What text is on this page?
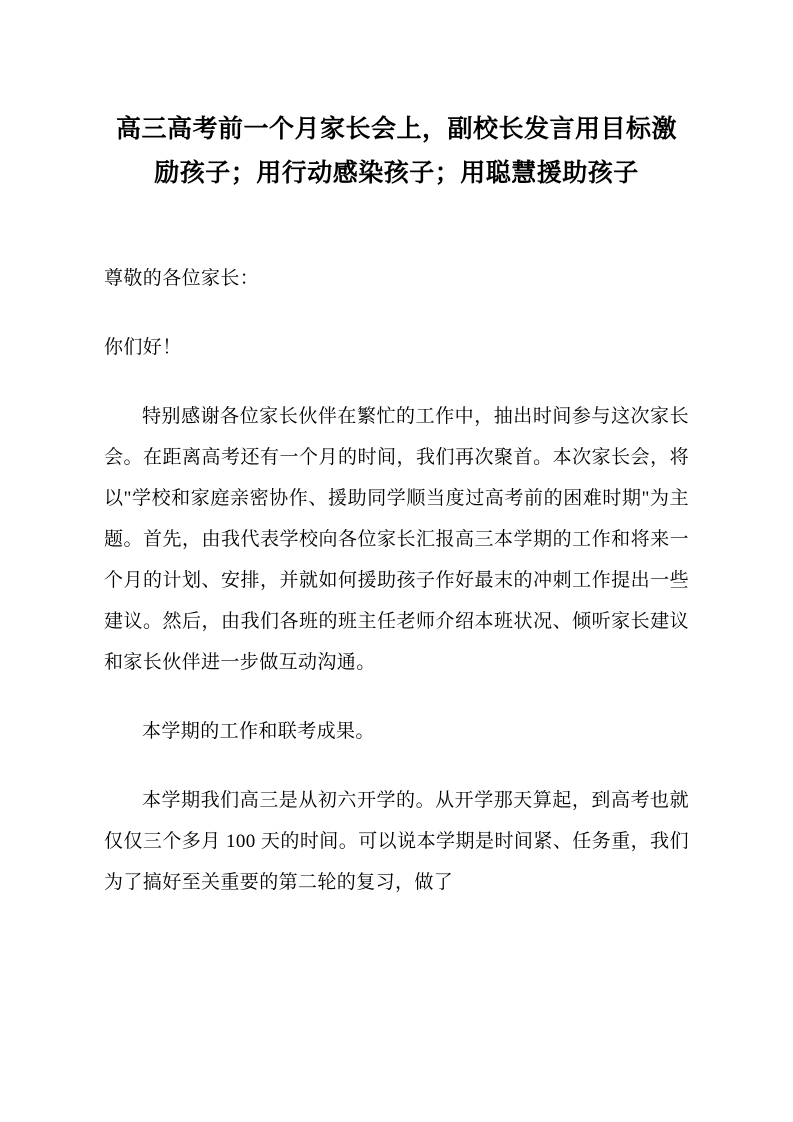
高三高考前一个月家长会上，副校长发言用目标激励孩子；用行动感染孩子；用聪慧援助孩子

尊敬的各位家长：

你们好！

特别感谢各位家长伙伴在繁忙的工作中，抽出时间参与这次家长会。在距离高考还有一个月的时间，我们再次聚首。本次家长会，将以"学校和家庭亲密协作、援助同学顺当度过高考前的困难时期"为主题。首先，由我代表学校向各位家长汇报高三本学期的工作和将来一个月的计划、安排，并就如何援助孩子作好最末的冲刺工作提出一些建议。然后，由我们各班的班主任老师介绍本班状况、倾听家长建议和家长伙伴进一步做互动沟通。

本学期的工作和联考成果。

本学期我们高三是从初六开学的。从开学那天算起，到高考也就仅仅三个多月 100 天的时间。可以说本学期是时间紧、任务重，我们为了搞好至关重要的第二轮的复习，做了
